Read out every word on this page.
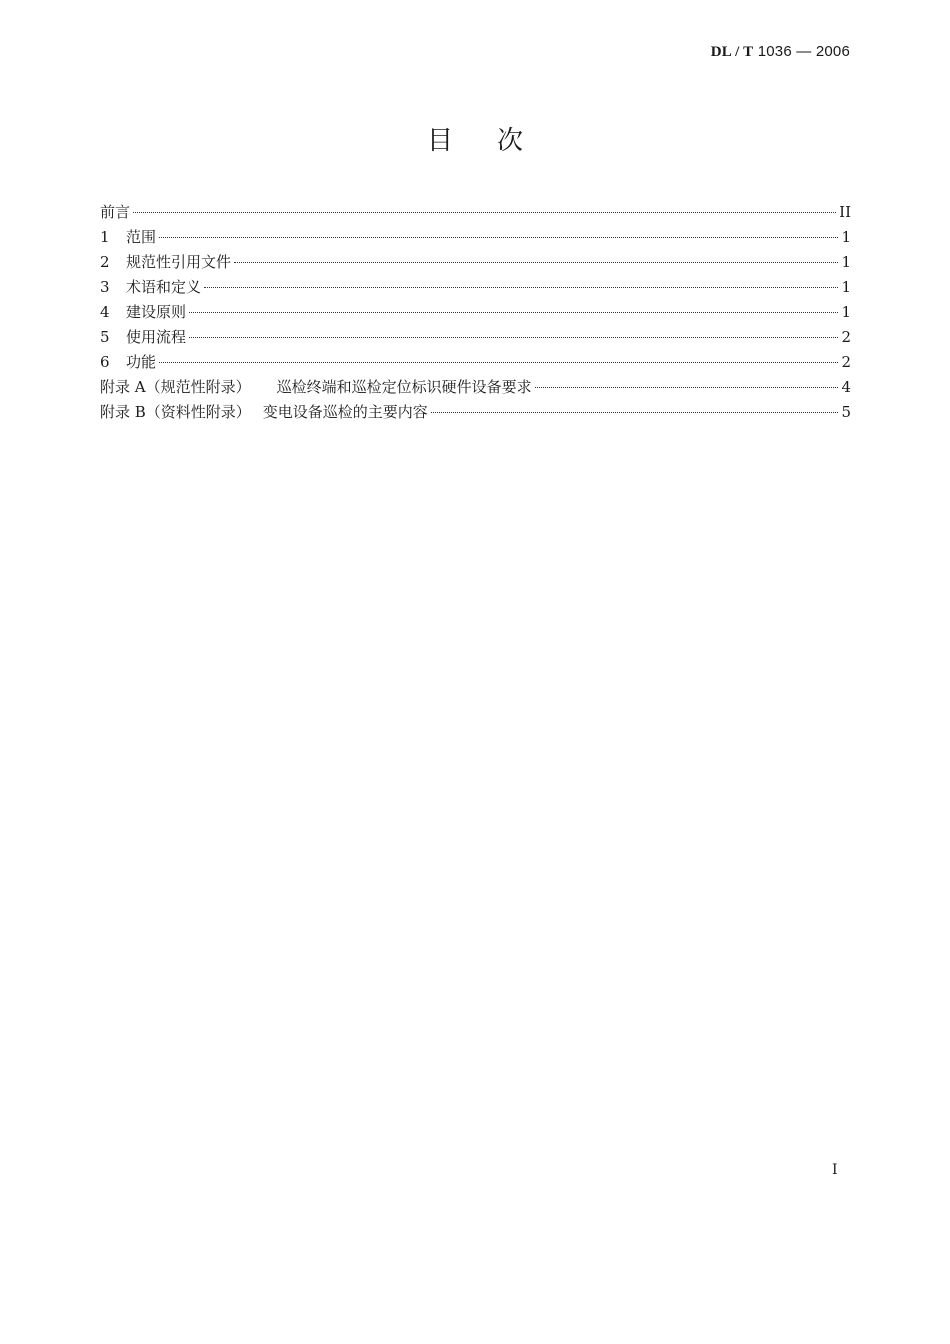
DL / T 1036 — 2006
目次
前言	II
1	范围	1
2	规范性引用文件	1
3	术语和定义	1
4	建设原则	1
5	使用流程	2
6	功能	2
附录 A（规范性附录） 巡检终端和巡检定位标识硬件设备要求	4
附录 B（资料性附录） 变电设备巡检的主要内容	5
I
